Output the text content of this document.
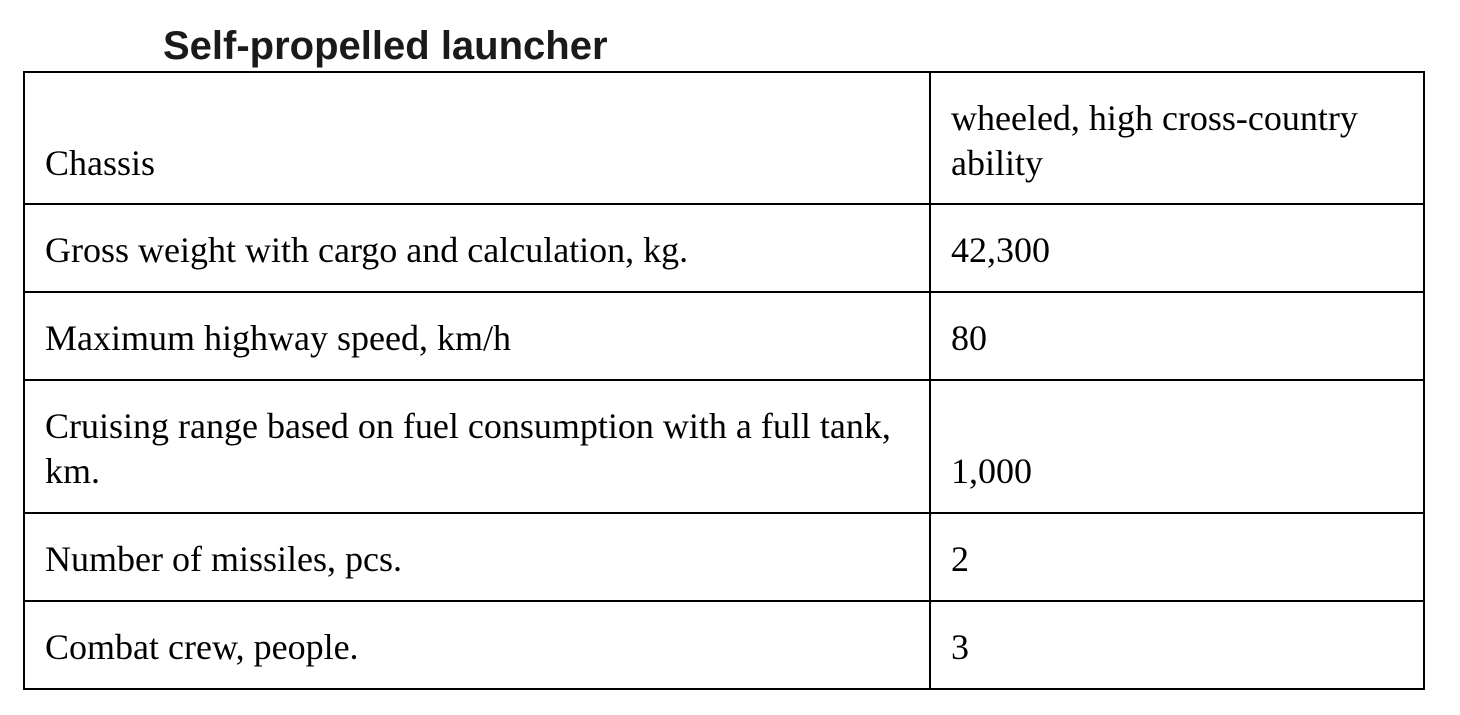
Self-propelled launcher
Chassis	wheeled, high cross-country ability
Gross weight with cargo and calculation, kg.	42,300
Maximum highway speed, km/h	80
Cruising range based on fuel consumption with a full tank, km.	1,000
Number of missiles, pcs.	2
Combat crew, people.	3
